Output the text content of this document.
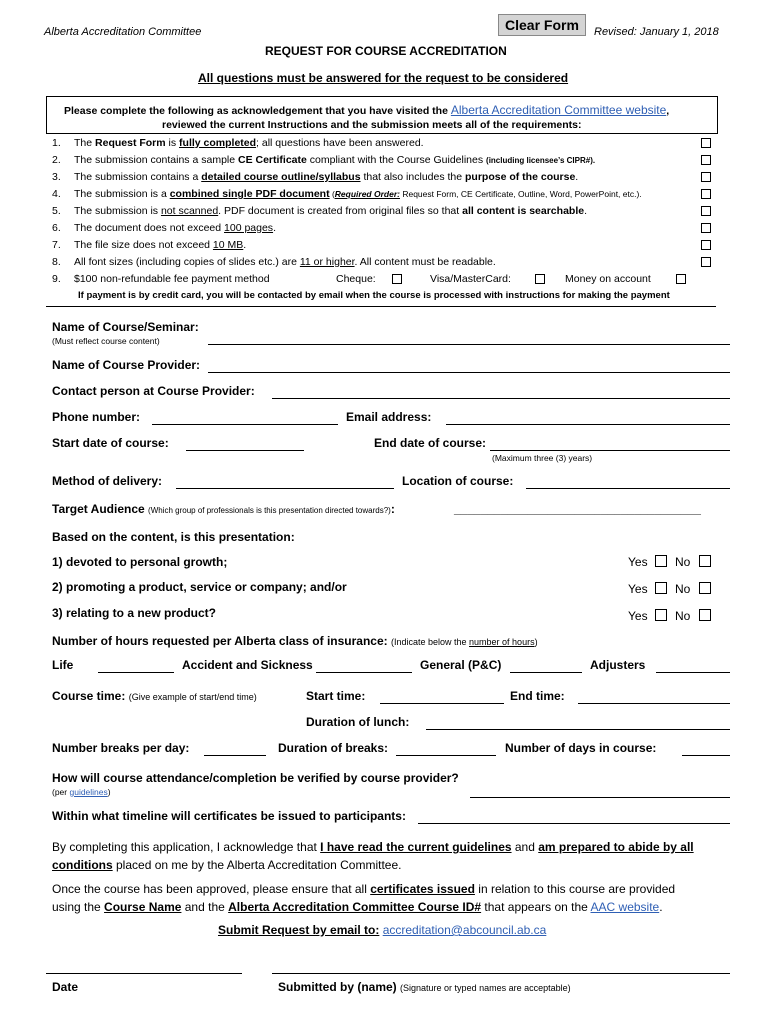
Alberta Accreditation Committee	Clear Form	Revised: January 1, 2018
REQUEST FOR COURSE ACCREDITATION
All questions must be answered for the request to be considered
Please complete the following as acknowledgement that you have visited the Alberta Accreditation Committee website,
reviewed the current Instructions and the submission meets all of the requirements:
1. The Request Form is fully completed; all questions have been answered.
2. The submission contains a sample CE Certificate compliant with the Course Guidelines (including licensee’s CIPR#).
3. The submission contains a detailed course outline/syllabus that also includes the purpose of the course.
4. The submission is a combined single PDF document (Required Order: Request Form, CE Certificate, Outline, Word, PowerPoint, etc.).
5. The submission is not scanned. PDF document is created from original files so that all content is searchable.
6. The document does not exceed 100 pages.
7. The file size does not exceed 10 MB.
8. All font sizes (including copies of slides etc.) are 11 or higher. All content must be readable.
9. $100 non-refundable fee payment method	Cheque:	Visa/MasterCard:	Money on account
If payment is by credit card, you will be contacted by email when the course is processed with instructions for making the payment
Name of Course/Seminar:
(Must reflect course content)
Name of Course Provider:
Contact person at Course Provider:
Phone number:	Email address:
Start date of course:	End date of course:
(Maximum three (3) years)
Method of delivery:	Location of course:
Target Audience (Which group of professionals is this presentation directed towards?):	_____________________________________
Based on the content, is this presentation:
1) devoted to personal growth;	Yes No
2) promoting a product, service or company; and/or	Yes No
3) relating to a new product?	Yes No
Number of hours requested per Alberta class of insurance: (Indicate below the number of hours)
Life	Accident and Sickness	General (P&C)	Adjusters
Course time: (Give example of start/end time)	Start time:	End time:
Duration of lunch:
Number breaks per day:	Duration of breaks:	Number of days in course:
How will course attendance/completion be verified by course provider?
(per guidelines)
Within what timeline will certificates be issued to participants:
By completing this application, I acknowledge that I have read the current guidelines and am prepared to abide by all
conditions placed on me by the Alberta Accreditation Committee.
Once the course has been approved, please ensure that all certificates issued in relation to this course are provided
using the Course Name and the Alberta Accreditation Committee Course ID# that appears on the AAC website.
Submit Request by email to: accreditation@abcouncil.ab.ca
Date	Submitted by (name) (Signature or typed names are acceptable)
